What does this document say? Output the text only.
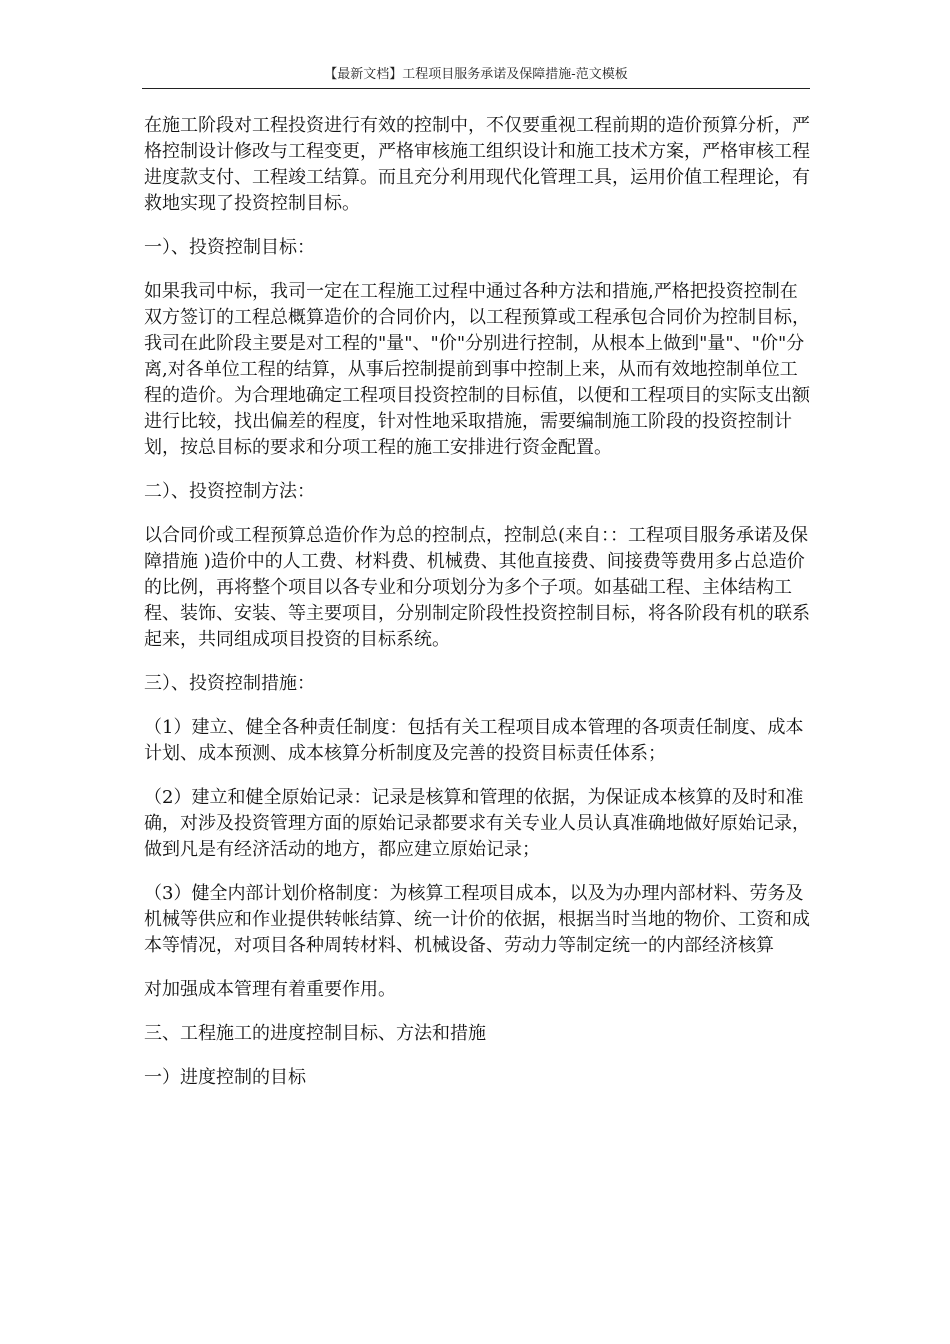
【最新文档】工程项目服务承诺及保障措施-范文模板

在施工阶段对工程投资进行有效的控制中，不仅要重视工程前期的造价预算分析，严格控制设计修改与工程变更，严格审核施工组织设计和施工技术方案，严格审核工程进度款支付、工程竣工结算。而且充分利用现代化管理工具，运用价值工程理论，有救地实现了投资控制目标。

一）、投资控制目标：

如果我司中标，我司一定在工程施工过程中通过各种方法和措施,严格把投资控制在双方签订的工程总概算造价的合同价内，以工程预算或工程承包合同价为控制目标，我司在此阶段主要是对工程的"量"、"价"分别进行控制，从根本上做到"量"、"价"分离,对各单位工程的结算，从事后控制提前到事中控制上来，从而有效地控制单位工程的造价。为合理地确定工程项目投资控制的目标值，以便和工程项目的实际支出额进行比较，找出偏差的程度，针对性地采取措施，需要编制施工阶段的投资控制计划，按总目标的要求和分项工程的施工安排进行资金配置。

二）、投资控制方法：

以合同价或工程预算总造价作为总的控制点，控制总(来自：：工程项目服务承诺及保障措施 )造价中的人工费、材料费、机械费、其他直接费、间接费等费用多占总造价的比例，再将整个项目以各专业和分项划分为多个子项。如基础工程、主体结构工程、装饰、安装、等主要项目，分别制定阶段性投资控制目标，将各阶段有机的联系起来，共同组成项目投资的目标系统。

三）、投资控制措施：

（1）建立、健全各种责任制度：包括有关工程项目成本管理的各项责任制度、成本计划、成本预测、成本核算分析制度及完善的投资目标责任体系；

（2）建立和健全原始记录：记录是核算和管理的依据，为保证成本核算的及时和准确，对涉及投资管理方面的原始记录都要求有关专业人员认真准确地做好原始记录，做到凡是有经济活动的地方，都应建立原始记录；

（3）健全内部计划价格制度：为核算工程项目成本，以及为办理内部材料、劳务及机械等供应和作业提供转帐结算、统一计价的依据，根据当时当地的物价、工资和成本等情况，对项目各种周转材料、机械设备、劳动力等制定统一的内部经济核算

对加强成本管理有着重要作用。

三、工程施工的进度控制目标、方法和措施

一）进度控制的目标
